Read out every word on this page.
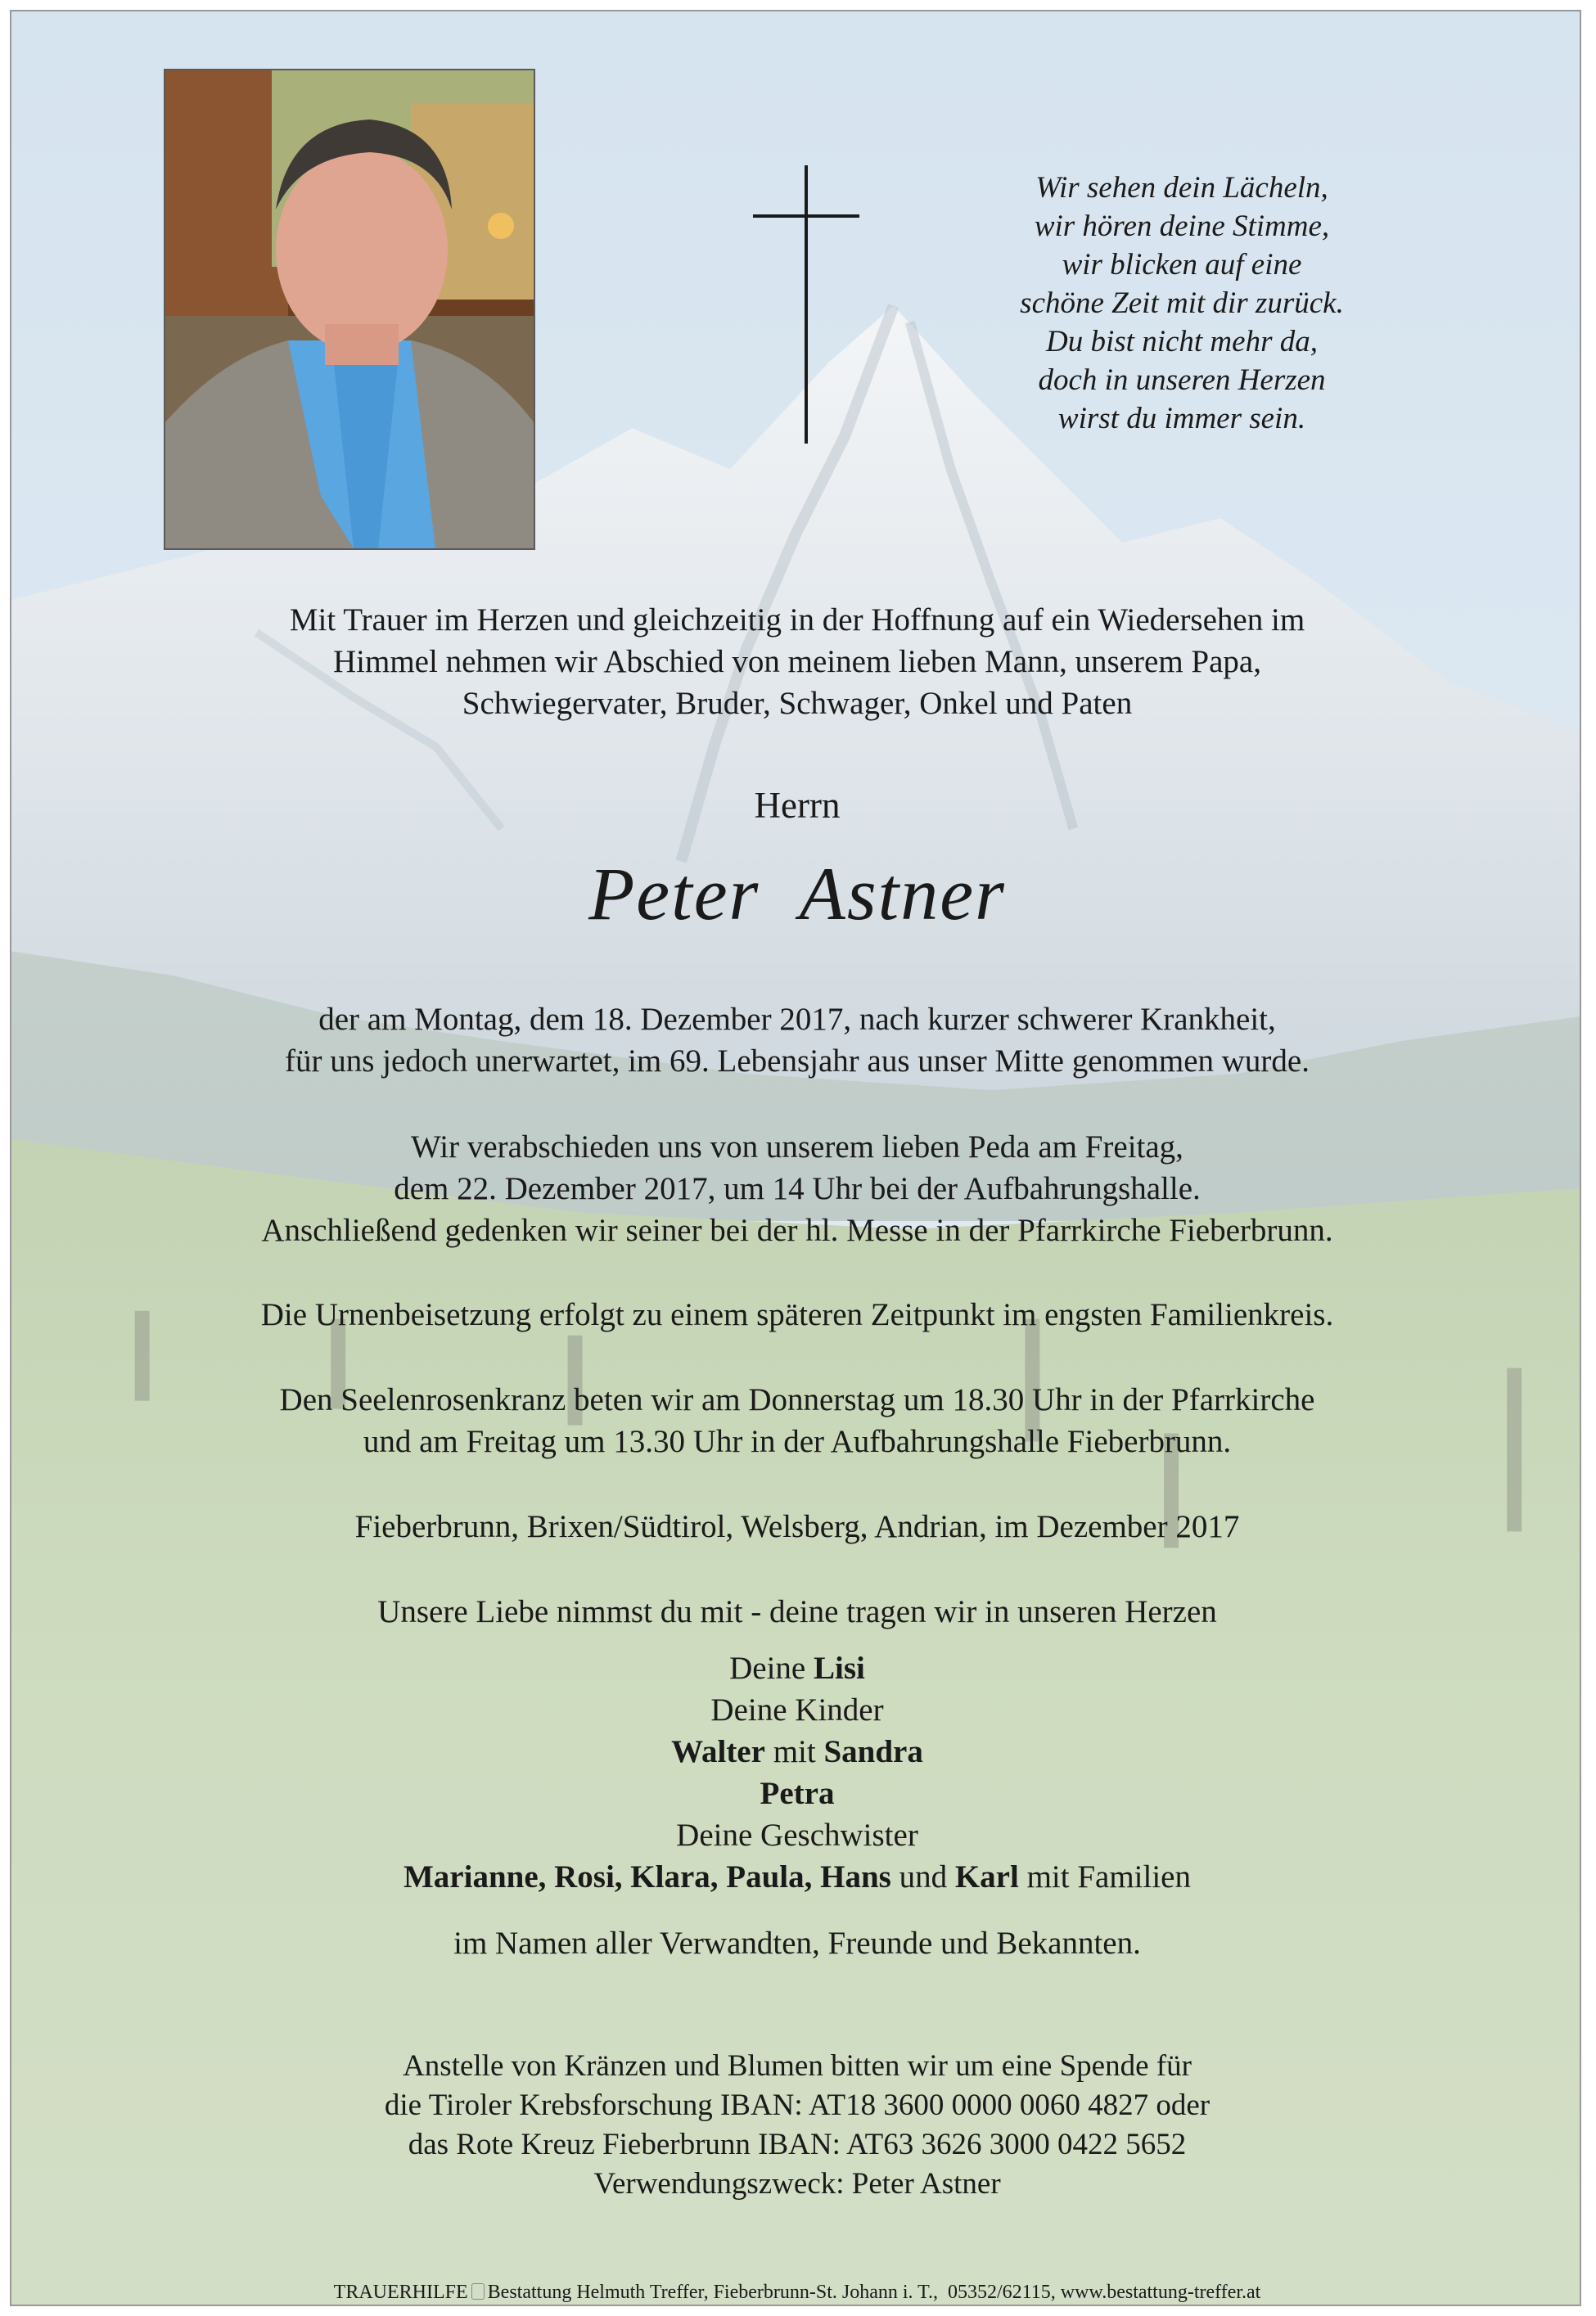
Wir sehen dein Lächeln,
wir hören deine Stimme,
wir blicken auf eine
schöne Zeit mit dir zurück.
Du bist nicht mehr da,
doch in unseren Herzen
wirst du immer sein.
Mit Trauer im Herzen und gleichzeitig in der Hoffnung auf ein Wiedersehen im
Himmel nehmen wir Abschied von meinem lieben Mann, unserem Papa,
Schwiegervater, Bruder, Schwager, Onkel und Paten
Herrn
Peter  Astner
der am Montag, dem 18. Dezember 2017, nach kurzer schwerer Krankheit,
für uns jedoch unerwartet, im 69. Lebensjahr aus unser Mitte genommen wurde.
Wir verabschieden uns von unserem lieben Peda am Freitag,
dem 22. Dezember 2017, um 14 Uhr bei der Aufbahrungshalle.
Anschließend gedenken wir seiner bei der hl. Messe in der Pfarrkirche Fieberbrunn.
Die Urnenbeisetzung erfolgt zu einem späteren Zeitpunkt im engsten Familienkreis.
Den Seelenrosenkranz beten wir am Donnerstag um 18.30 Uhr in der Pfarrkirche
und am Freitag um 13.30 Uhr in der Aufbahrungshalle Fieberbrunn.
Fieberbrunn, Brixen/Südtirol, Welsberg, Andrian, im Dezember 2017
Unsere Liebe nimmst du mit - deine tragen wir in unseren Herzen
Deine Lisi
Deine Kinder
Walter mit Sandra
Petra
Deine Geschwister
Marianne, Rosi, Klara, Paula, Hans und Karl mit Familien
im Namen aller Verwandten, Freunde und Bekannten.
Anstelle von Kränzen und Blumen bitten wir um eine Spende für
die Tiroler Krebsforschung IBAN: AT18 3600 0000 0060 4827 oder
das Rote Kreuz Fieberbrunn IBAN: AT63 3626 3000 0422 5652
Verwendungszweck: Peter Astner
TRAUERHILFE Bestattung Helmuth Treffer, Fieberbrunn-St. Johann i. T.,  05352/62115, www.bestattung-treffer.at
